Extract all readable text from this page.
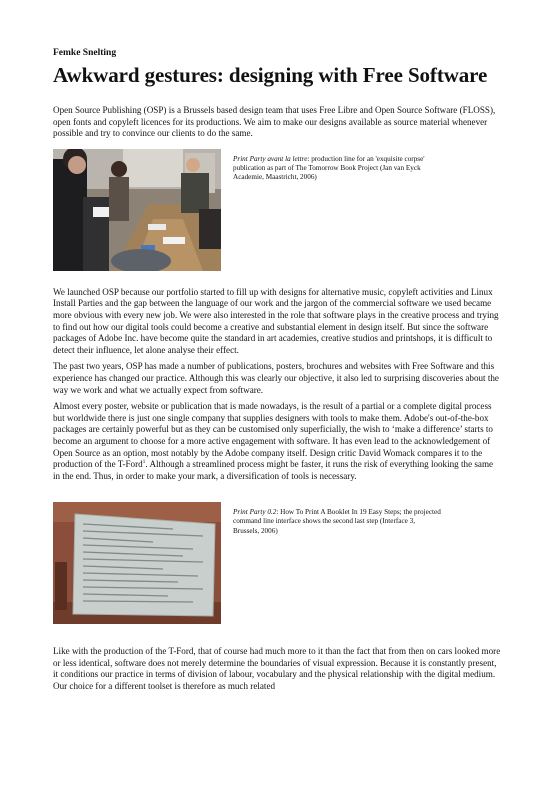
Femke Snelting
Awkward gestures: designing with Free Software

Open Source Publishing (OSP) is a Brussels based design team that uses Free Libre and Open Source Software (FLOSS), open fonts and copyleft licences for its productions. We aim to make our designs available as source material whenever possible and try to convince our clients to do the same.

Print Party avant la lettre: production line for an 'exquisite corpse' publication as part of The Tomorrow Book Project (Jan van Eyck Academie, Maastricht, 2006)

We launched OSP because our portfolio started to fill up with designs for alternative music, copyleft activities and Linux Install Parties and the gap between the language of our work and the jargon of the commercial software we used became more obvious with every new job. We were also interested in the role that software plays in the creative process and trying to find out how our digital tools could become a creative and substantial element in design itself. But since the software packages of Adobe Inc. have become quite the standard in art academies, creative studios and printshops, it is difficult to detect their influence, let alone analyse their effect.

The past two years, OSP has made a number of publications, posters, brochures and websites with Free Software and this experience has changed our practice. Although this was clearly our objective, it also led to surprising discoveries about the way we work and what we actually expect from software.

Almost every poster, website or publication that is made nowadays, is the result of a partial or a complete digital process but worldwide there is just one single company that supplies designers with tools to make them. Adobe's out-of-the-box packages are certainly powerful but as they can be customised only superficially, the wish to ‘make a difference’ starts to become an argument to choose for a more active engagement with software. It has even lead to the acknowledgement of Open Source as an option, most notably by the Adobe company itself. Design critic David Womack compares it to the production of the T-Ford$^1$. Although a streamlined process might be faster, it runs the risk of everything looking the same in the end. Thus, in order to make your mark, a diversification of tools is necessary.

Print Party 0.2: How To Print A Booklet In 19 Easy Steps; the projected command line interface shows the second last step (Interface 3, Brussels, 2006)

Like with the production of the T-Ford, that of course had much more to it than the fact that from then on cars looked more or less identical, software does not merely determine the boundaries of visual expression. Because it is constantly present, it conditions our practice in terms of division of labour, vocabulary and the physical relationship with the digital medium. Our choice for a different toolset is therefore as much related
